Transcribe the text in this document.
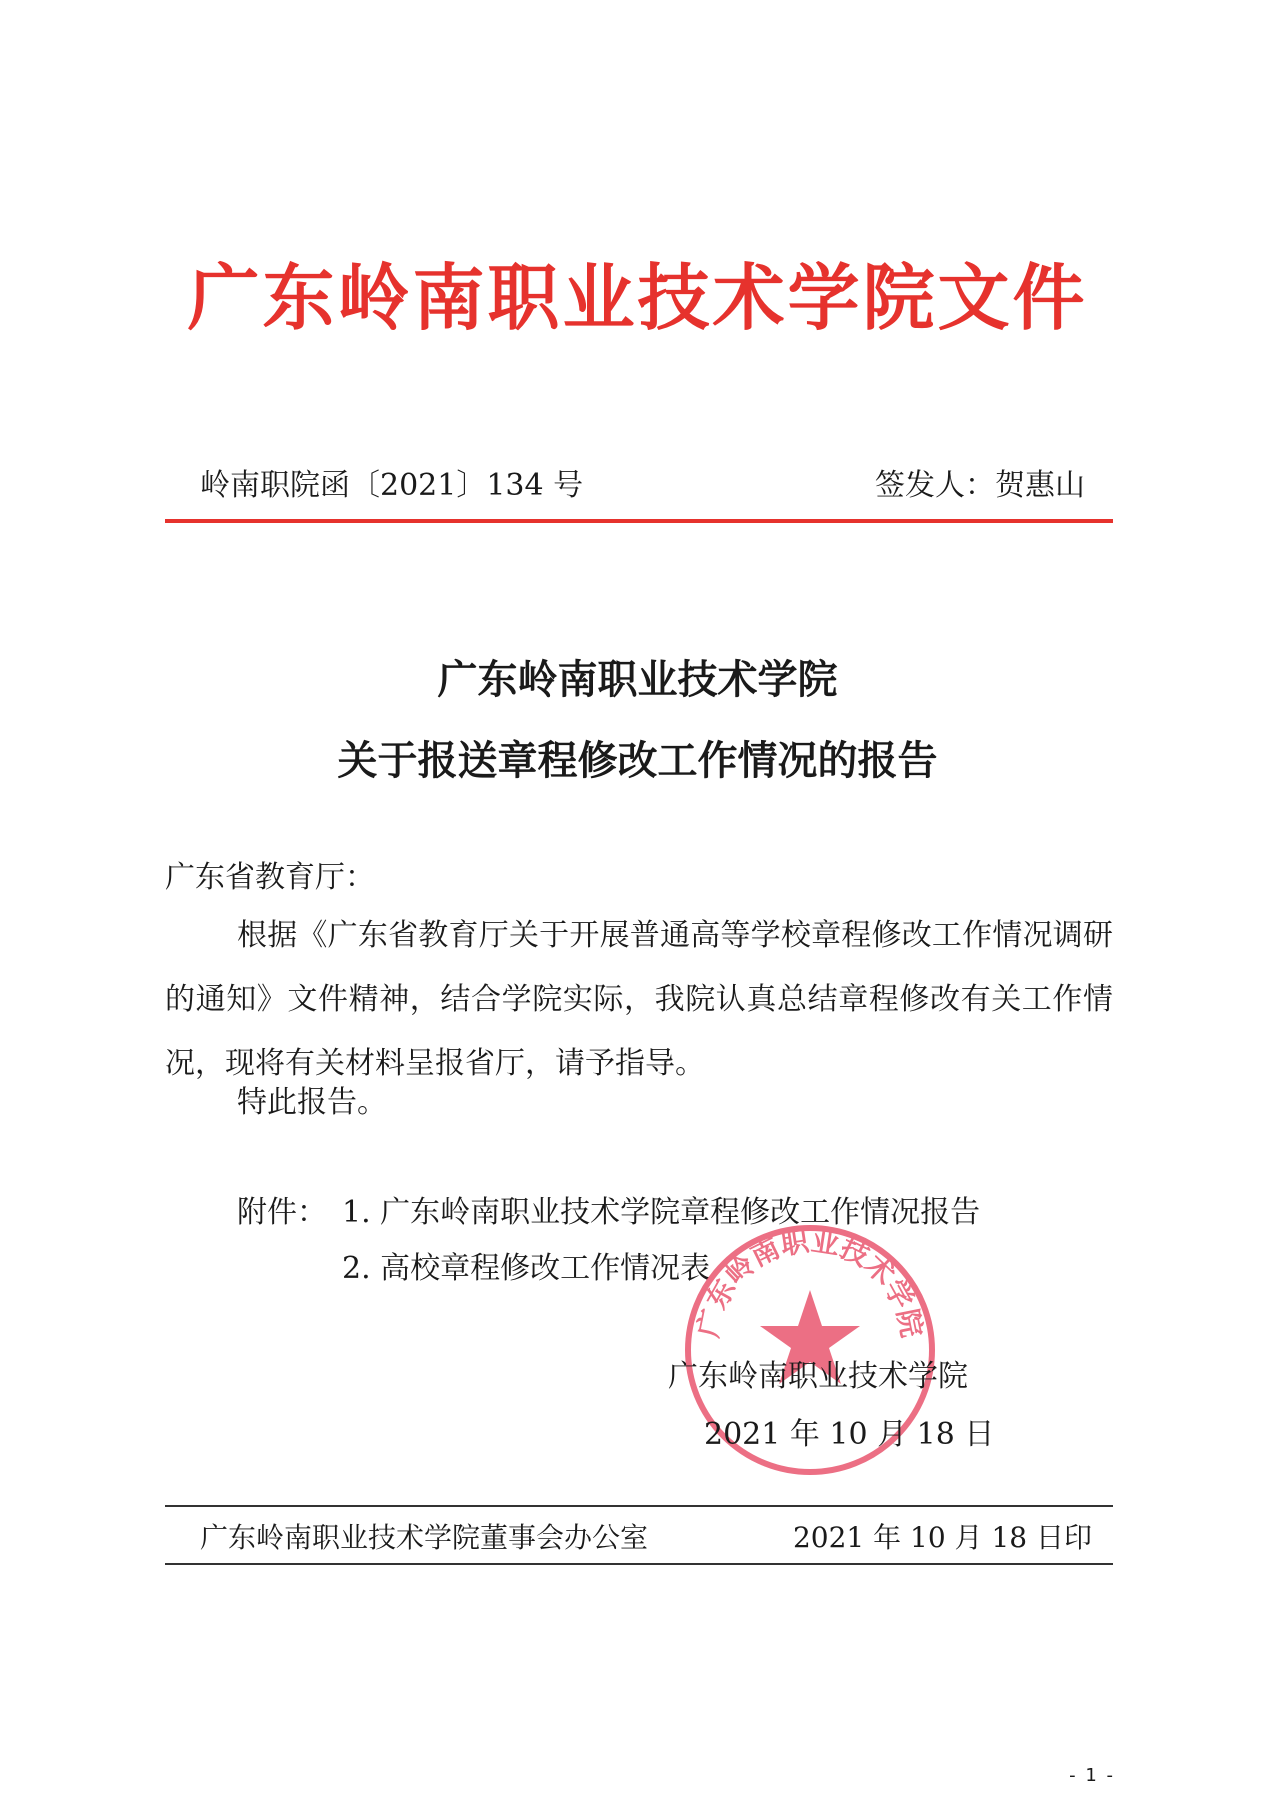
广东岭南职业技术学院文件
岭南职院函〔2021〕134 号	签发人：贺惠山
广东岭南职业技术学院
关于报送章程修改工作情况的报告
广东省教育厅：
根据《广东省教育厅关于开展普通高等学校章程修改工作情况调研的通知》文件精神，结合学院实际，我院认真总结章程修改有关工作情况，现将有关材料呈报省厅，请予指导。
特此报告。
附件： 1. 广东岭南职业技术学院章程修改工作情况报告
2. 高校章程修改工作情况表
广东岭南职业技术学院
广东岭南职业技术学院
2021 年 10 月 18 日
广东岭南职业技术学院董事会办公室	2021 年 10 月 18 日印
- 1 -
